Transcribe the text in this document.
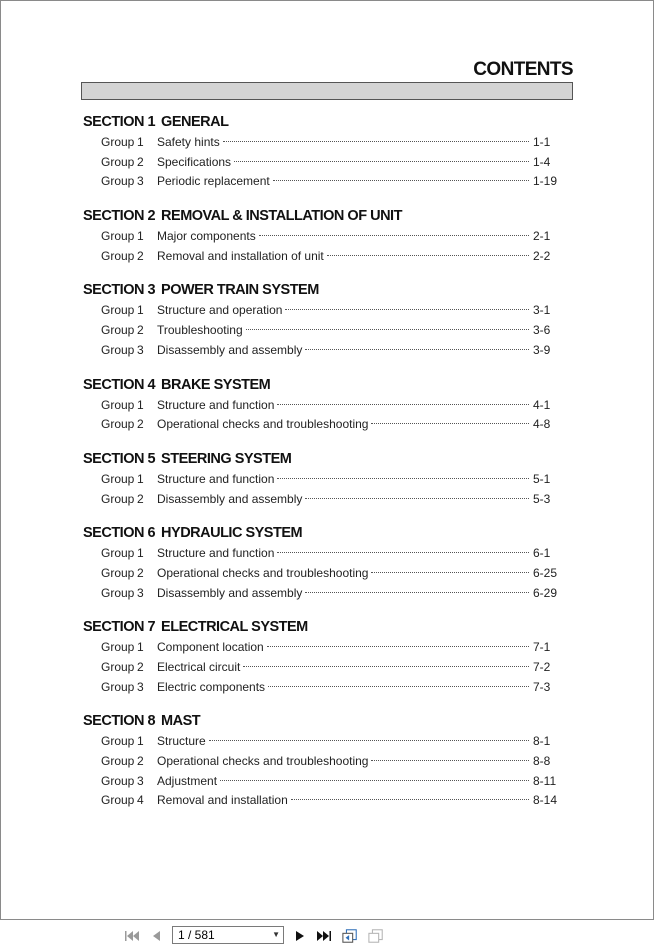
CONTENTS
SECTION 1 GENERAL
Group 1	Safety hints	1-1
Group 2	Specifications	1-4
Group 3	Periodic replacement	1-19
SECTION 2 REMOVAL & INSTALLATION OF UNIT
Group 1	Major components	2-1
Group 2	Removal and installation of unit	2-2
SECTION 3 POWER TRAIN SYSTEM
Group 1	Structure and operation	3-1
Group 2	Troubleshooting	3-6
Group 3	Disassembly and assembly	3-9
SECTION 4 BRAKE SYSTEM
Group 1	Structure and function	4-1
Group 2	Operational checks and troubleshooting	4-8
SECTION 5 STEERING SYSTEM
Group 1	Structure and function	5-1
Group 2	Disassembly and assembly	5-3
SECTION 6 HYDRAULIC SYSTEM
Group 1	Structure and function	6-1
Group 2	Operational checks and troubleshooting	6-25
Group 3	Disassembly and assembly	6-29
SECTION 7 ELECTRICAL SYSTEM
Group 1	Component location	7-1
Group 2	Electrical circuit	7-2
Group 3	Electric components	7-3
SECTION 8 MAST
Group 1	Structure	8-1
Group 2	Operational checks and troubleshooting	8-8
Group 3	Adjustment	8-11
Group 4	Removal and installation	8-14
1 / 581	▼
